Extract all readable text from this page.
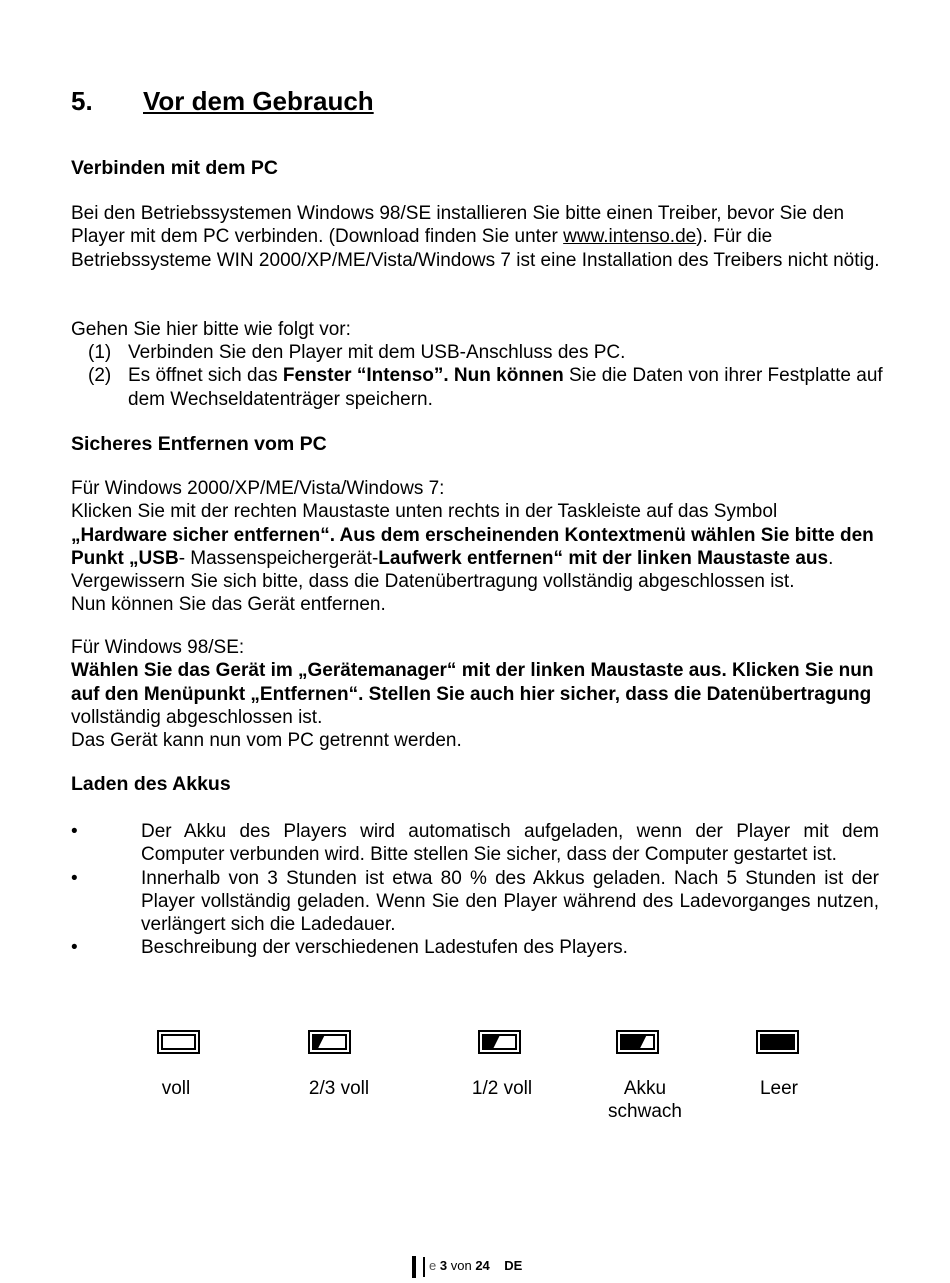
5. Vor dem Gebrauch
Verbinden mit dem PC

Bei den Betriebssystemen Windows 98/SE installieren Sie bitte einen Treiber, bevor Sie den Player mit dem PC verbinden. (Download finden Sie unter www.intenso.de). Für die Betriebssysteme WIN 2000/XP/ME/Vista/Windows 7 ist eine Installation des Treibers nicht nötig.

Gehen Sie hier bitte wie folgt vor:
(1) Verbinden Sie den Player mit dem USB-Anschluss des PC.
(2) Es öffnet sich das Fenster “Intenso”. Nun können Sie die Daten von ihrer Festplatte auf dem Wechseldatenträger speichern.
Sicheres Entfernen vom PC

Für Windows 2000/XP/ME/Vista/Windows 7:

Klicken Sie mit der rechten Maustaste unten rechts in der Taskleiste auf das Symbol

„Hardware sicher entfernen“. Aus dem erscheinenden Kontextmenü wählen Sie bitte den Punkt „USB- Massenspeichergerät-Laufwerk entfernen“ mit der linken Maustaste aus.

Vergewissern Sie sich bitte, dass die Datenübertragung vollständig abgeschlossen ist.

Nun können Sie das Gerät entfernen.

Für Windows 98/SE:

Wählen Sie das Gerät im „Gerätemanager“ mit der linken Maustaste aus. Klicken Sie nun auf den Menüpunkt „Entfernen“. Stellen Sie auch hier sicher, dass die Datenübertragung

vollständig abgeschlossen ist.

Das Gerät kann nun vom PC getrennt werden.

Laden des Akkus
•	Der Akku des Players wird automatisch aufgeladen, wenn der Player mit dem Computer verbunden wird. Bitte stellen Sie sicher, dass der Computer gestartet ist.
•	Innerhalb von 3 Stunden ist etwa 80 % des Akkus geladen. Nach 5 Stunden ist der Player vollständig geladen. Wenn Sie den Player während des Ladevorganges nutzen, verlängert sich die Ladedauer.
•	Beschreibung der verschiedenen Ladestufen des Players.
voll	2/3 voll	1/2 voll	Akku schwach
Leer
e 3 von 24 DE
